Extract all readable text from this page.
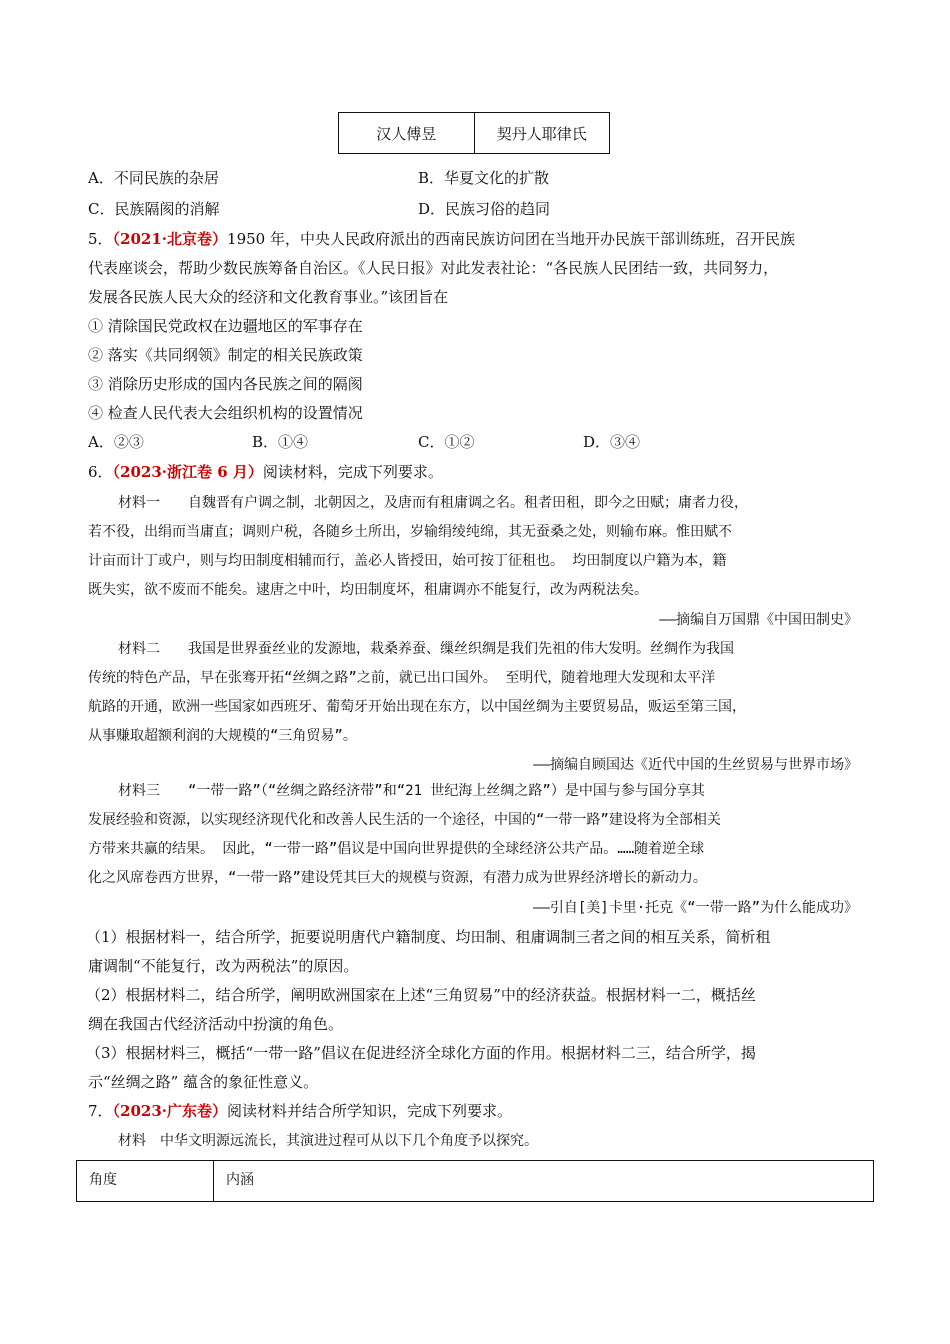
汉人傅昱	契丹人耶律氏
A．不同民族的杂居	B．华夏文化的扩散
C．民族隔阂的消解	D．民族习俗的趋同
5．（2021·北京卷）1950 年，中央人民政府派出的西南民族访问团在当地开办民族干部训练班，召开民族
代表座谈会，帮助少数民族筹备自治区。《人民日报》对此发表社论：“各民族人民团结一致，共同努力，
发展各民族人民大众的经济和文化教育事业。”该团旨在
① 清除国民党政权在边疆地区的军事存在
② 落实《共同纲领》制定的相关民族政策
③ 消除历史形成的国内各民族之间的隔阂
④ 检查人民代表大会组织机构的设置情况
A．②③	B．①④	C．①②	D．③④
6．（2023·浙江卷 6 月）阅读材料，完成下列要求。
材料一　　自魏晋有户调之制，北朝因之，及唐而有租庸调之名。租者田租，即今之田赋；庸者力役，
若不役，出绢而当庸直；调则户税，各随乡土所出，岁输绢绫纯绵，其无蚕桑之处，则输布麻。惟田赋不
计亩而计丁或户，则与均田制度相辅而行，盖必人皆授田，始可按丁征租也。 均田制度以户籍为本，籍
既失实，欲不废而不能矣。逮唐之中叶，均田制度坏，租庸调亦不能复行，改为两税法矣。
——摘编自万国鼎《中国田制史》
材料二　　我国是世界蚕丝业的发源地，栽桑养蚕、缫丝织绸是我们先祖的伟大发明。丝绸作为我国
传统的特色产品，早在张骞开拓“丝绸之路”之前，就已出口国外。 至明代，随着地理大发现和太平洋
航路的开通，欧洲一些国家如西班牙、葡萄牙开始出现在东方，以中国丝绸为主要贸易品，贩运至第三国，
从事赚取超额利润的大规模的“三角贸易”。
——摘编自顾国达《近代中国的生丝贸易与世界市场》
材料三　　“一带一路”（“丝绸之路经济带”和“21 世纪海上丝绸之路”）是中国与参与国分享其
发展经验和资源，以实现经济现代化和改善人民生活的一个途径，中国的“一带一路”建设将为全部相关
方带来共赢的结果。 因此，“一带一路”倡议是中国向世界提供的全球经济公共产品。……随着逆全球
化之风席卷西方世界，“一带一路”建设凭其巨大的规模与资源，有潜力成为世界经济增长的新动力。
——引自[美]卡里·托克《“一带一路”为什么能成功》
（1）根据材料一，结合所学，扼要说明唐代户籍制度、均田制、租庸调制三者之间的相互关系，简析租
庸调制“不能复行，改为两税法”的原因。
（2）根据材料二，结合所学，阐明欧洲国家在上述“三角贸易”中的经济获益。根据材料一二，概括丝
绸在我国古代经济活动中扮演的角色。
（3）根据材料三，概括“一带一路”倡议在促进经济全球化方面的作用。根据材料二三，结合所学，揭
示“丝绸之路” 蕴含的象征性意义。
7．（2023·广东卷）阅读材料并结合所学知识，完成下列要求。
材料　中华文明源远流长，其演进过程可从以下几个角度予以探究。
角度	内涵
